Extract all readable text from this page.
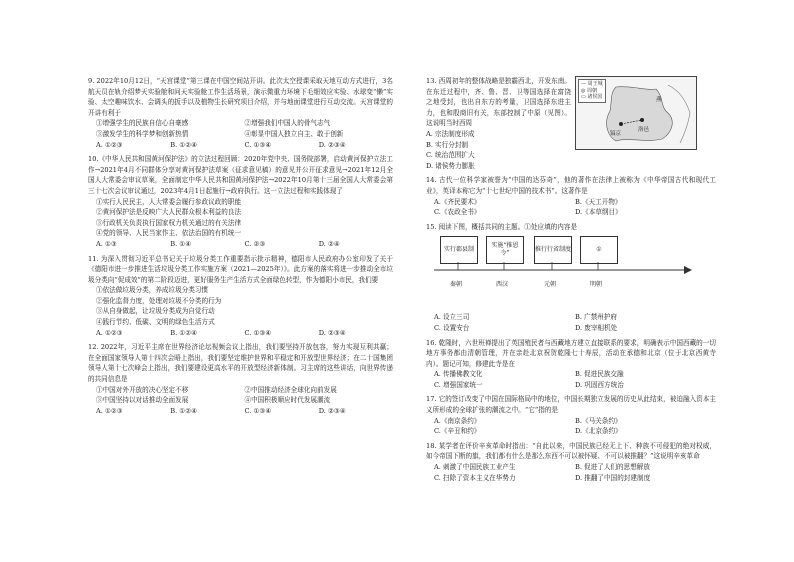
9. 2022年10月12日，“天宫课堂”第三课在中国空间站开讲。此次太空授课采取天地互动方式进行，3名航天员在轨介绍梦天实验舱和问天实验舱工作生活场景，演示微重力环境下毛细效应实验、水球变“懒”实验、太空趣味饮水、会调头的扳手以及植物生长研究项目介绍，并与地面课堂进行互动交流。天宫课堂的开讲有利于
①增强学生的民族自信心自豪感	②增强我们中国人的骨气志气
③激发学生的科学梦和创新热情	④彰显中国人独立自主、敢于创新
A. ①②③	B. ①②④	C. ①③④	D. ②③④
10.《中华人民共和国黄河保护法》的立法过程回顾：2020年党中央、国务院部署，启动黄河保护立法工作→2021年4月不同群体分享对黄河保护法草案（征求意见稿）的意见并公开征求意见→2021年12月全国人大常委会审议草案，全面制定中华人民共和国黄河保护法→2022年10月第十三届全国人大常委会第三十七次会议审议通过，2023年4月1日起施行→政府执行。这一立法过程和实践体现了
①实行人民民主，人大常委会履行参政议政的职能
②黄河保护法是反映广大人民群众根本利益的良法
③行政机关负责执行国家权力机关通过的有关法律
④党的领导、人民当家作主、依法治国的有机统一
A. ①③	B. ①④	C. ②③	D. ②④
11. 为深入贯彻习近平总书记关于垃圾分类工作重要指示批示精神，德阳市人民政府办公室印发了关于《德阳市进一步推进生活垃圾分类工作实施方案（2021—2025年）》。此方案的落实将进一步推动全市垃圾分类向“促成效”的第二阶段迈进，更好服务生产生活方式全面绿色转型，作为德阳小市民，我们要
①依法做垃圾分类，养成垃圾分类习惯
②强化监督力度，处理对垃圾不分类的行为
③从自身做起，让垃圾分类成为自觉行动
④践行节约、低碳、文明的绿色生活方式
A. ①②③	B. ①②④	C. ①③④	D. ②③④
12. 2022年，习近平主席在世界经济论坛视频会议上指出，我们要坚持开放包容，努力实现互利共赢；在全面国家领导人第十四次会晤上指出，我们要坚定维护世界和平稳定和开放型世界经济；在二十国集团领导人第十七次峰会上指出，我们要建设更高水平的开放型经济新体制。习主席的这些讲话，向世界传递的共同信息是
①中国对外开放的决心坚定不移	②中国推动经济全球化向前发展
③中国坚持以对话推动全面发展	④中国积极顺应时代发展潮流
A. ①②③	B. ①②④	C. ①③④	D. ②③④
13. 西周初年的整体战略是独霸西北，开发东南。在东迁过程中，齐、鲁、晋、卫等国选择在富饶之地受封，也出自东方的考量，卫国选择东进主力，也和殷商旧有关，东部控制了中原（见图）。这说明当时西周
A. 宗法制度形成
B. 实行分封制
C. 统治范围扩大
D. 诸侯势力膨胀
14. 古代一位科学家被誉为“中国的达芬奇”，他的著作在法律上被称为《中华帝国古代和现代工业》，英译本称它为“十七世纪中国的技术书”。这著作是
A.《齐民要术》	B.《天工开物》
C.《农政全书》	D.《本草纲目》
15. 阅读下图，概括共同的主题。①处应填的内容是
A. 设立三司	B. 广禁州护府
C. 设置安台	D. 废宰相机处
16. 乾隆时，六世班禅提出了英国殖民者与西藏地方建立直接联系的要求，明确表示中国西藏的一切地方事务都由清朝管理，并在亲赴北京祝贺乾隆七十寿辰，活动在承德和北京（位于北京西黄寺内）。题记可知，修建此寺是在
A. 传播佛教文化	B. 促进民族交融
C. 增强国家统一	D. 巩固西方统治
17. 它的签订改变了中国在国际格局中的地位，中国长期独立发展的历史从此结束，被迫融入资本主义所形成的全球扩张的潮流之中。“它”指的是
A.《南京条约》	B.《马关条约》
C.《辛丑和约》	D.《北京条约》
18. 某学者在评价辛亥革命时指出：“自此以来，中国民族已经无上下、种族不可侵犯的绝对权威，如今帝国下断的旗，我们都有什么是那么东西不可以被怀疑、不可以被推翻？”这说明辛亥革命
A. 刺激了中国民族工业产生	B. 促进了人们的思想解放
C. 扫除了资本主义在华势力	D. 推翻了中国的封建制度
— 周王城
◎ 周朝
▭ 诸侯国	燕
镐京
洛邑
实行郡县制
实施“推恩令”
推行行省制度	①
秦朝	西汉	元朝	明朝
